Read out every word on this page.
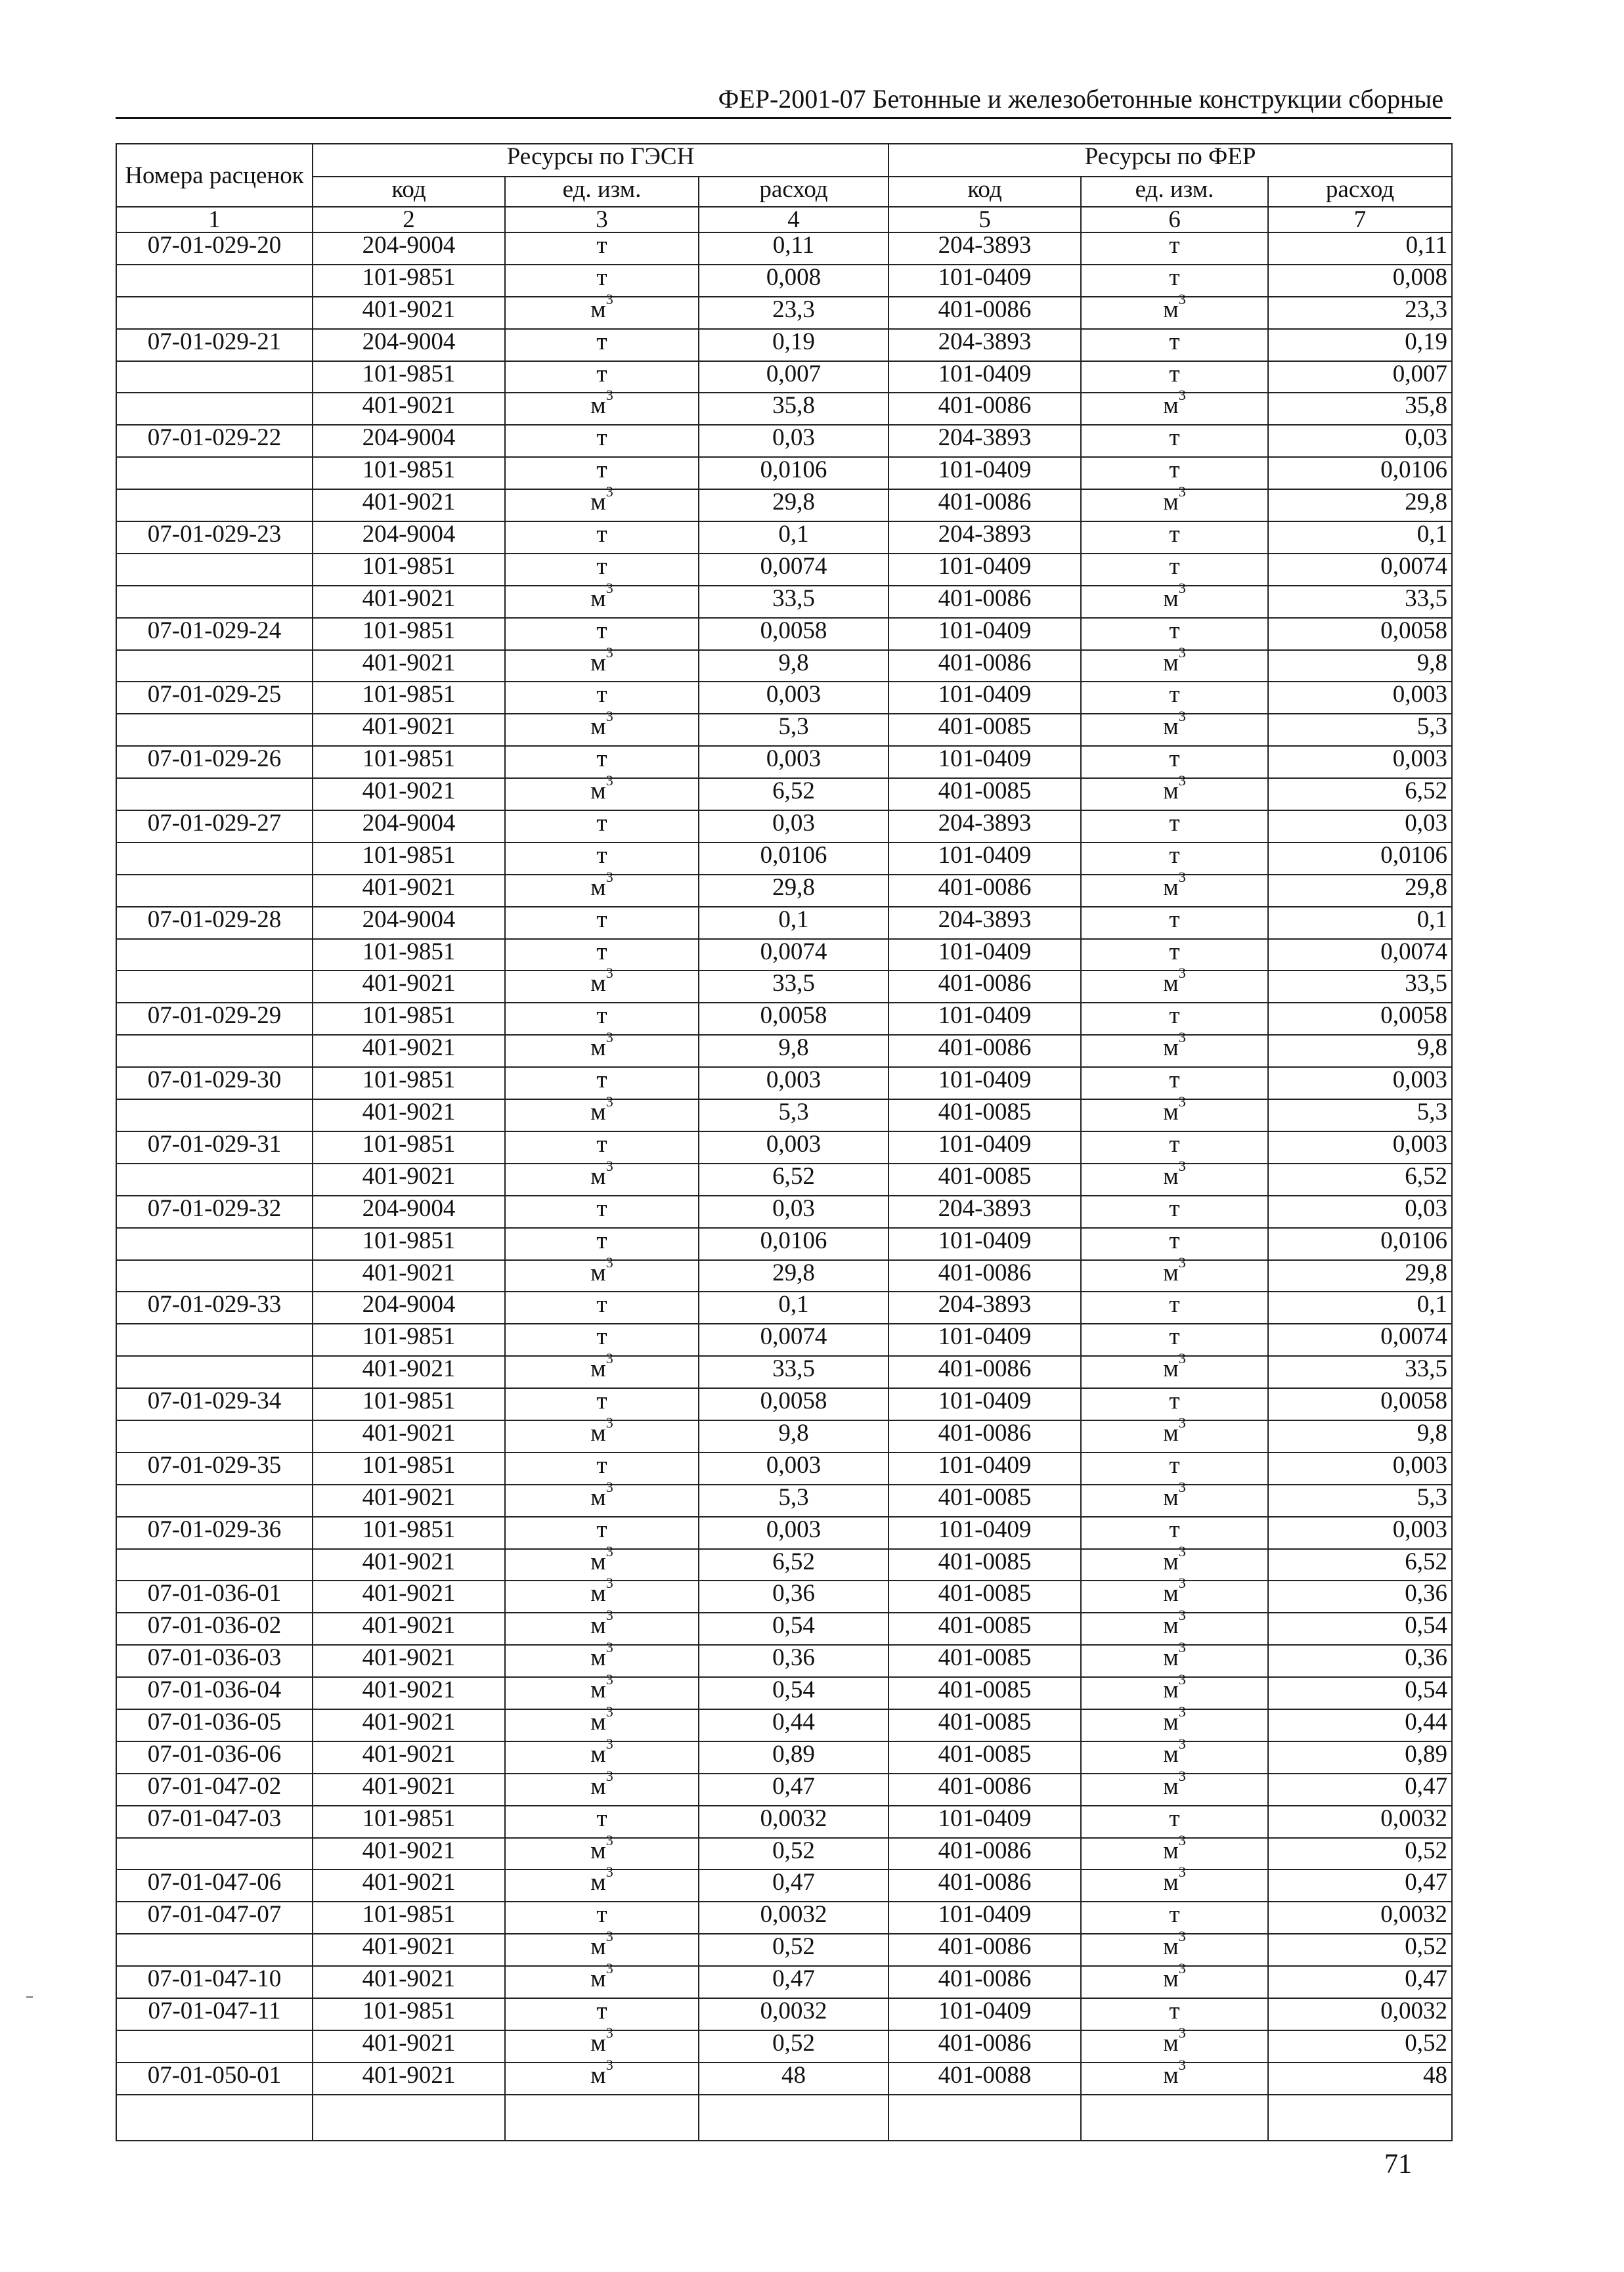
ФЕР-2001-07 Бетонные и железобетонные конструкции сборные
Номера расценок	Ресурсы по ГЭСН			Ресурсы по ФЕР		
	код	ед. изм.	расход	код	ед. изм.	расход
1	2	3	4	5	6	7
07-01-029-20	204-9004	т	0,11	204-3893	т	0,11
	101-9851	т	0,008	101-0409	т	0,008
	401-9021	$м^3$	23,3	401-0086	$м^3$	23,3
07-01-029-21	204-9004	т	0,19	204-3893	т	0,19
	101-9851	т	0,007	101-0409	т	0,007
	401-9021	$м^3$	35,8	401-0086	$м^3$	35,8
07-01-029-22	204-9004	т	0,03	204-3893	т	0,03
	101-9851	т	0,0106	101-0409	т	0,0106
	401-9021	$м^3$	29,8	401-0086	$м^3$	29,8
07-01-029-23	204-9004	т	0,1	204-3893	т	0,1
	101-9851	т	0,0074	101-0409	т	0,0074
	401-9021	$м^3$	33,5	401-0086	$м^3$	33,5
07-01-029-24	101-9851	т	0,0058	101-0409	т	0,0058
	401-9021	$м^3$	9,8	401-0086	$м^3$	9,8
07-01-029-25	101-9851	т	0,003	101-0409	т	0,003
	401-9021	$м^3$	5,3	401-0085	$м^3$	5,3
07-01-029-26	101-9851	т	0,003	101-0409	т	0,003
	401-9021	$м^3$	6,52	401-0085	$м^3$	6,52
07-01-029-27	204-9004	т	0,03	204-3893	т	0,03
	101-9851	т	0,0106	101-0409	т	0,0106
	401-9021	$м^3$	29,8	401-0086	$м^3$	29,8
07-01-029-28	204-9004	т	0,1	204-3893	т	0,1
	101-9851	т	0,0074	101-0409	т	0,0074
	401-9021	$м^3$	33,5	401-0086	$м^3$	33,5
07-01-029-29	101-9851	т	0,0058	101-0409	т	0,0058
	401-9021	$м^3$	9,8	401-0086	$м^3$	9,8
07-01-029-30	101-9851	т	0,003	101-0409	т	0,003
	401-9021	$м^3$	5,3	401-0085	$м^3$	5,3
07-01-029-31	101-9851	т	0,003	101-0409	т	0,003
	401-9021	$м^3$	6,52	401-0085	$м^3$	6,52
07-01-029-32	204-9004	т	0,03	204-3893	т	0,03
	101-9851	т	0,0106	101-0409	т	0,0106
	401-9021	$м^3$	29,8	401-0086	$м^3$	29,8
07-01-029-33	204-9004	т	0,1	204-3893	т	0,1
	101-9851	т	0,0074	101-0409	т	0,0074
	401-9021	$м^3$	33,5	401-0086	$м^3$	33,5
07-01-029-34	101-9851	т	0,0058	101-0409	т	0,0058
	401-9021	$м^3$	9,8	401-0086	$м^3$	9,8
07-01-029-35	101-9851	т	0,003	101-0409	т	0,003
	401-9021	$м^3$	5,3	401-0085	$м^3$	5,3
07-01-029-36	101-9851	т	0,003	101-0409	т	0,003
	401-9021	$м^3$	6,52	401-0085	$м^3$	6,52
07-01-036-01	401-9021	$м^3$	0,36	401-0085	$м^3$	0,36
07-01-036-02	401-9021	$м^3$	0,54	401-0085	$м^3$	0,54
07-01-036-03	401-9021	$м^3$	0,36	401-0085	$м^3$	0,36
07-01-036-04	401-9021	$м^3$	0,54	401-0085	$м^3$	0,54
07-01-036-05	401-9021	$м^3$	0,44	401-0085	$м^3$	0,44
07-01-036-06	401-9021	$м^3$	0,89	401-0085	$м^3$	0,89
07-01-047-02	401-9021	$м^3$	0,47	401-0086	$м^3$	0,47
07-01-047-03	101-9851	т	0,0032	101-0409	т	0,0032
	401-9021	$м^3$	0,52	401-0086	$м^3$	0,52
07-01-047-06	401-9021	$м^3$	0,47	401-0086	$м^3$	0,47
07-01-047-07	101-9851	т	0,0032	101-0409	т	0,0032
	401-9021	$м^3$	0,52	401-0086	$м^3$	0,52
07-01-047-10	401-9021	$м^3$	0,47	401-0086	$м^3$	0,47
07-01-047-11	101-9851	т	0,0032	101-0409	т	0,0032
	401-9021	$м^3$	0,52	401-0086	$м^3$	0,52
07-01-050-01	401-9021	$м^3$	48	401-0088	$м^3$	48

71
